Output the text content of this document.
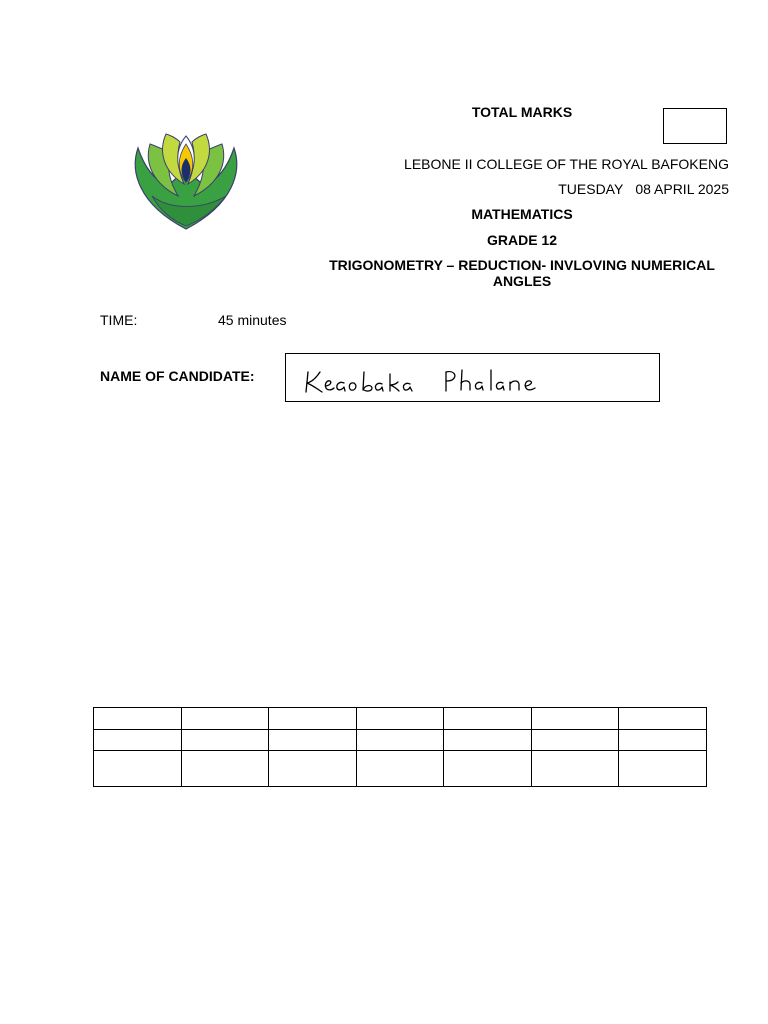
TOTAL MARKS
LEBONE II COLLEGE OF THE ROYAL BAFOKENG
TUESDAY 08 APRIL 2025
MATHEMATICS
GRADE 12
TRIGONOMETRY – REDUCTION- INVLOVING NUMERICAL ANGLES
TIME:	45 minutes
NAME OF CANDIDATE:
